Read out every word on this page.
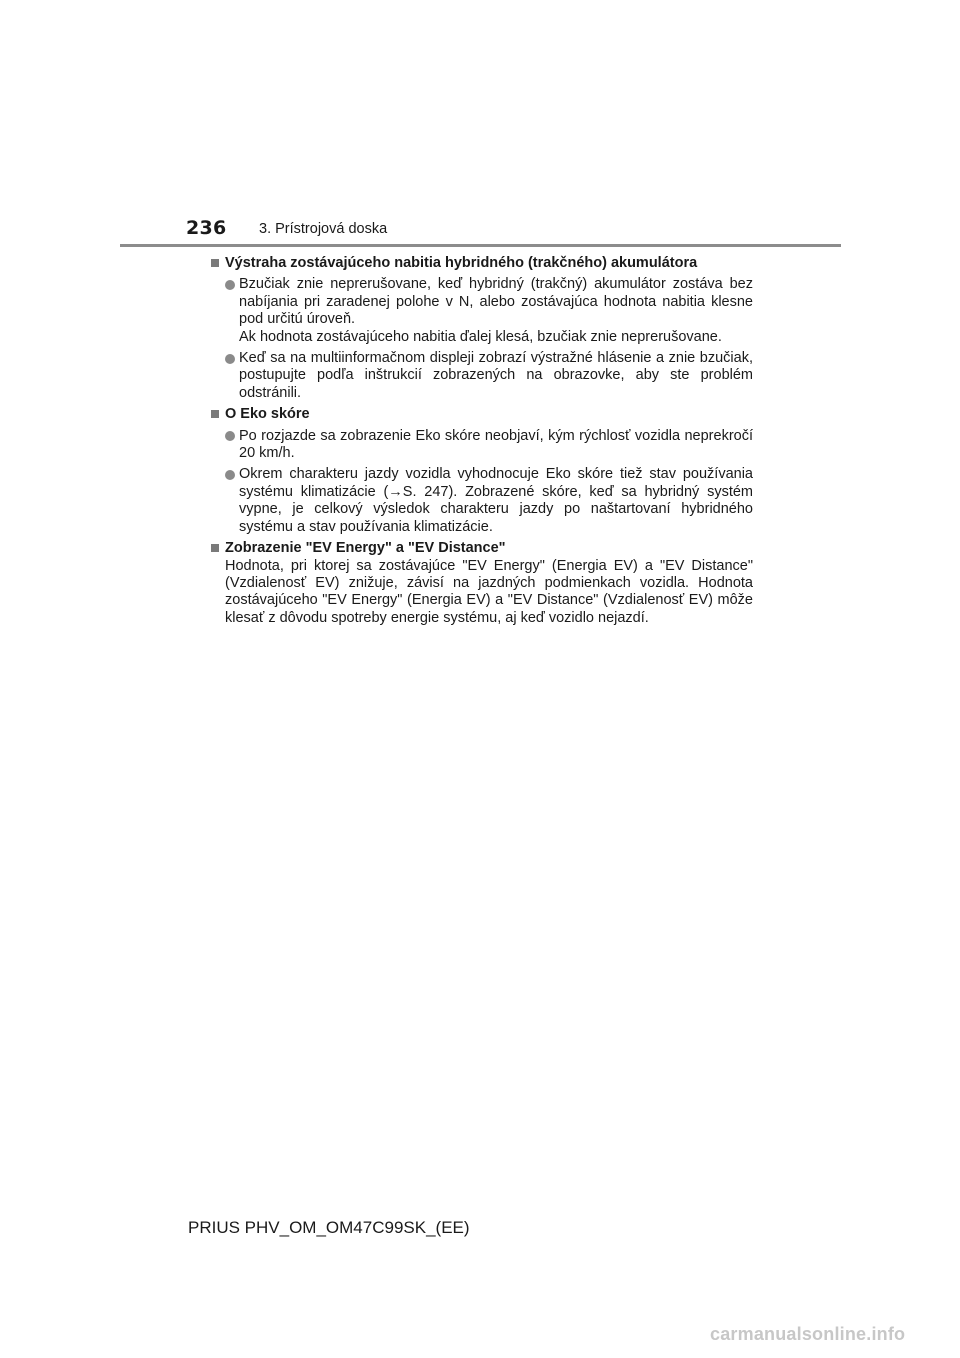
236 3. Prístrojová doska
Výstraha zostávajúceho nabitia hybridného (trakčného) akumulátora

Bzučiak znie neprerušovane, keď hybridný (trakčný) akumulátor zostáva bez nabíjania pri zaradenej polohe v N, alebo zostávajúca hodnota nabitia klesne pod určitú úroveň.

Ak hodnota zostávajúceho nabitia ďalej klesá, bzučiak znie neprerušovane.

Keď sa na multiinformačnom displeji zobrazí výstražné hlásenie a znie bzučiak, postupujte podľa inštrukcií zobrazených na obrazovke, aby ste problém odstránili.

O Eko skóre

Po rozjazde sa zobrazenie Eko skóre neobjaví, kým rýchlosť vozidla neprekročí 20 km/h.

Okrem charakteru jazdy vozidla vyhodnocuje Eko skóre tiež stav používania systému klimatizácie (→S. 247). Zobrazené skóre, keď sa hybridný systém vypne, je celkový výsledok charakteru jazdy po naštartovaní hybridného systému a stav používania klimatizácie.

Zobrazenie "EV Energy" a "EV Distance"

Hodnota, pri ktorej sa zostávajúce "EV Energy" (Energia EV) a "EV Distance" (Vzdialenosť EV) znižuje, závisí na jazdných podmienkach vozidla. Hodnota zostávajúceho "EV Energy" (Energia EV) a "EV Distance" (Vzdialenosť EV) môže klesať z dôvodu spotreby energie systému, aj keď vozidlo nejazdí.

PRIUS PHV_OM_OM47C99SK_(EE)
carmanualsonline.info
